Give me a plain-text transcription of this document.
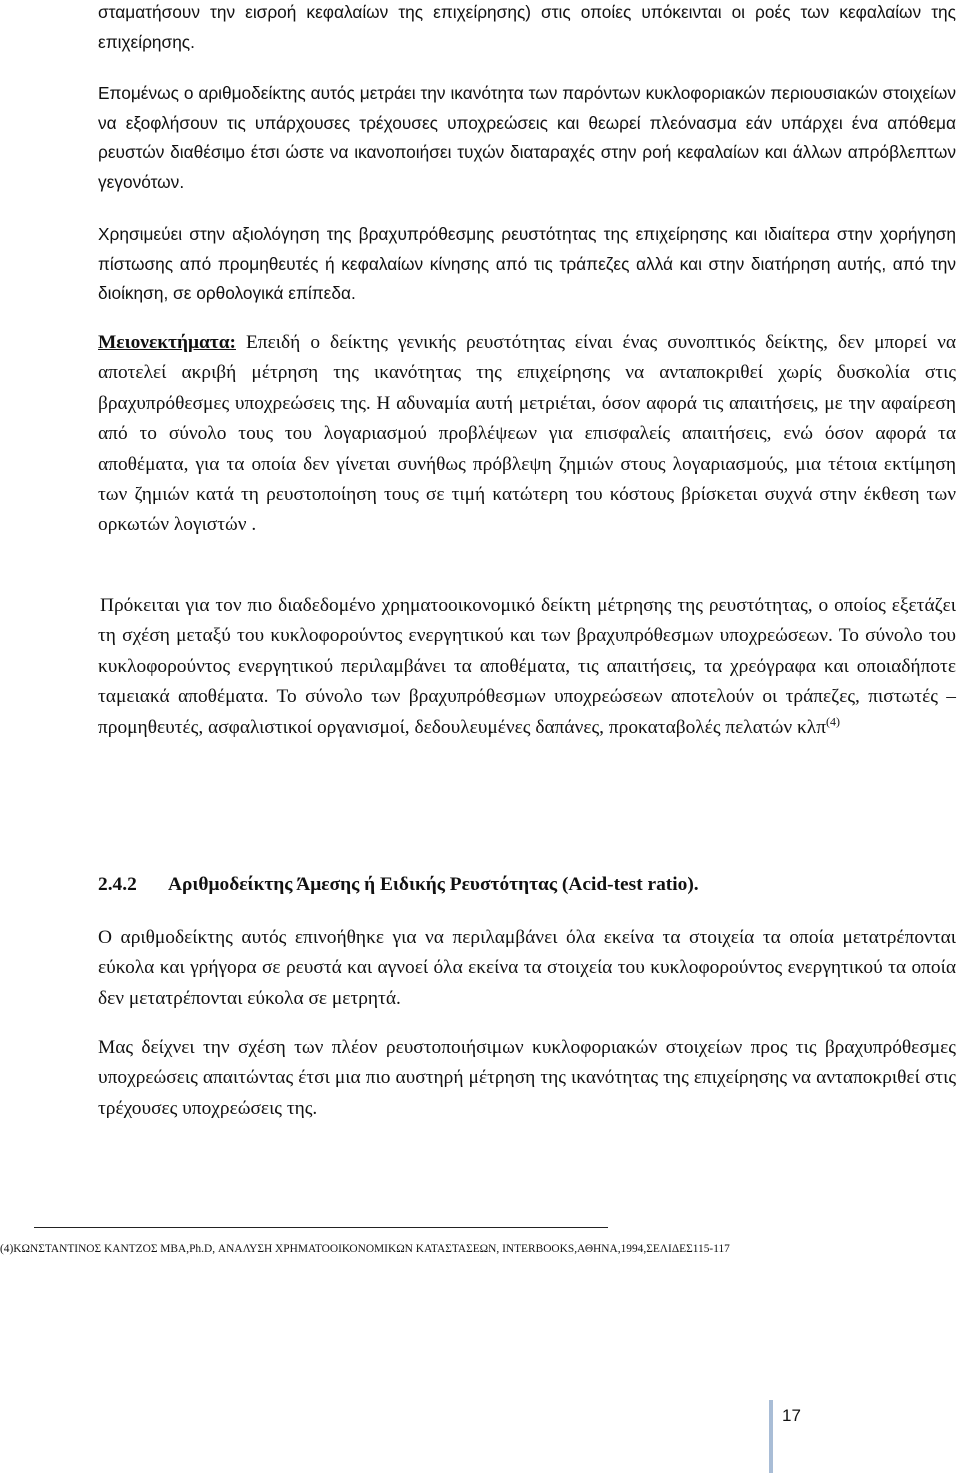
σταματήσουν την εισροή κεφαλαίων της επιχείρησης) στις οποίες υπόκεινται οι ροές των κεφαλαίων της επιχείρησης.

Επομένως ο αριθμοδείκτης αυτός μετράει την ικανότητα των παρόντων κυκλοφοριακών περιουσιακών στοιχείων να εξοφλήσουν τις υπάρχουσες τρέχουσες υποχρεώσεις και θεωρεί πλεόνασμα εάν υπάρχει ένα απόθεμα ρευστών διαθέσιμο έτσι ώστε να ικανοποιήσει τυχών διαταραχές στην ροή κεφαλαίων και άλλων απρόβλεπτων γεγονότων.

Χρησιμεύει στην αξιολόγηση της βραχυπρόθεσμης ρευστότητας της επιχείρησης και ιδιαίτερα στην χορήγηση πίστωσης από προμηθευτές ή κεφαλαίων κίνησης από τις τράπεζες αλλά και στην διατήρηση αυτής, από την διοίκηση, σε ορθολογικά επίπεδα.

Μειονεκτήματα: Επειδή ο δείκτης γενικής ρευστότητας είναι ένας συνοπτικός δείκτης, δεν μπορεί να αποτελεί ακριβή μέτρηση της ικανότητας της επιχείρησης να ανταποκριθεί χωρίς δυσκολία στις βραχυπρόθεσμες υποχρεώσεις της. Η αδυναμία αυτή μετριέται, όσον αφορά τις απαιτήσεις, με την αφαίρεση από το σύνολο τους του λογαριασμού προβλέψεων για επισφαλείς απαιτήσεις, ενώ όσον αφορά τα αποθέματα, για τα οποία δεν γίνεται συνήθως πρόβλεψη ζημιών στους λογαριασμούς, μια τέτοια εκτίμηση των ζημιών κατά τη ρευστοποίηση τους σε τιμή κατώτερη του κόστους βρίσκεται συχνά στην έκθεση των ορκωτών λογιστών .

Πρόκειται για τον πιο διαδεδομένο χρηματοοικονομικό δείκτη μέτρησης της ρευστότητας, ο οποίος εξετάζει τη σχέση μεταξύ του κυκλοφορούντος ενεργητικού και των βραχυπρόθεσμων υποχρεώσεων. Το σύνολο του κυκλοφορούντος ενεργητικού περιλαμβάνει τα αποθέματα, τις απαιτήσεις, τα χρεόγραφα και οποιαδήποτε ταμειακά αποθέματα. Το σύνολο των βραχυπρόθεσμων υποχρεώσεων αποτελούν οι τράπεζες, πιστωτές – προμηθευτές, ασφαλιστικοί οργανισμοί, δεδουλευμένες δαπάνες, προκαταβολές πελατών κλπ$^{(4)}$

2.4.2 Αριθμοδείκτης Άμεσης ή Ειδικής Ρευστότητας (Acid-test ratio).

Ο αριθμοδείκτης αυτός επινοήθηκε για να περιλαμβάνει όλα εκείνα τα στοιχεία τα οποία μετατρέπονται εύκολα και γρήγορα σε ρευστά και αγνοεί όλα εκείνα τα στοιχεία του κυκλοφορούντος ενεργητικού τα οποία δεν μετατρέπονται εύκολα σε μετρητά.

Μας δείχνει την σχέση των πλέον ρευστοποιήσιμων κυκλοφοριακών στοιχείων προς τις βραχυπρόθεσμες υποχρεώσεις απαιτώντας έτσι μια πιο αυστηρή μέτρηση της ικανότητας της επιχείρησης να ανταποκριθεί στις τρέχουσες υποχρεώσεις της.

(4)ΚΩΝΣΤΑΝΤΙΝΟΣ ΚΑΝΤΖΟΣ ΜΒΑ,Ph.D, ΑΝΑΛΥΣΗ ΧΡΗΜΑΤΟΟΙΚΟΝΟΜΙΚΩΝ ΚΑΤΑΣΤΑΣΕΩΝ, INTERBOOKS,ΑΘΗΝΑ,1994,ΣΕΛΙΔΕΣ115-117

17
